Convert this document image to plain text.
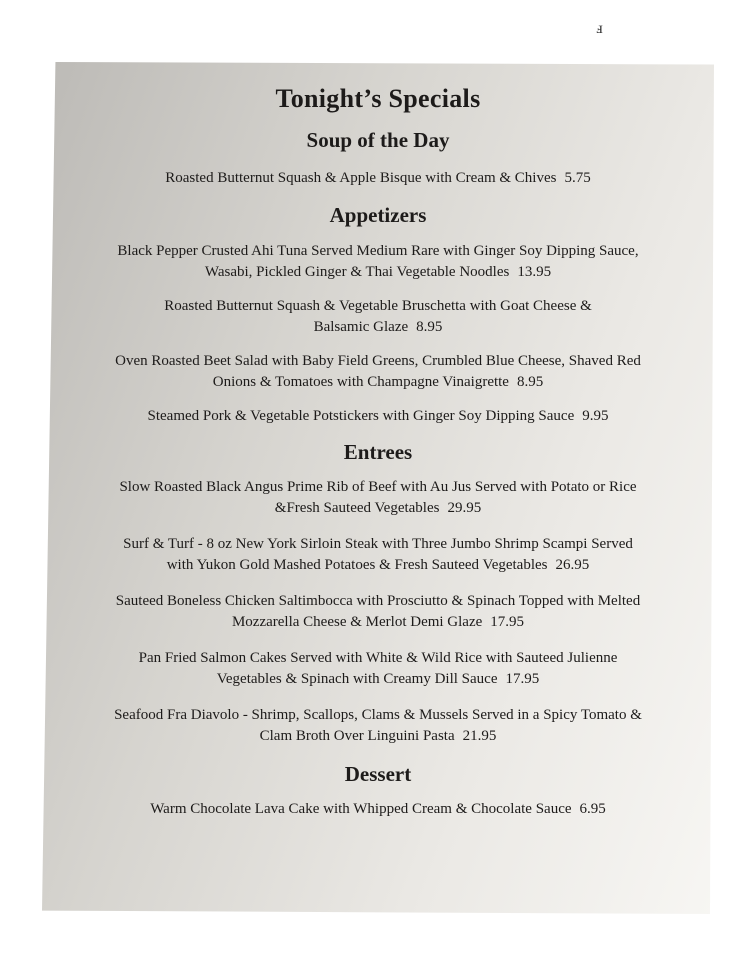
ⅎ
Tonight’s Specials
Soup of the Day

Roasted Butternut Squash & Apple Bisque with Cream & Chives 5.75

Appetizers

Black Pepper Crusted Ahi Tuna Served Medium Rare with Ginger Soy Dipping Sauce,
Wasabi, Pickled Ginger & Thai Vegetable Noodles 13.95

Roasted Butternut Squash & Vegetable Bruschetta with Goat Cheese &
Balsamic Glaze 8.95

Oven Roasted Beet Salad with Baby Field Greens, Crumbled Blue Cheese, Shaved Red
Onions & Tomatoes with Champagne Vinaigrette 8.95

Steamed Pork & Vegetable Potstickers with Ginger Soy Dipping Sauce 9.95

Entrees

Slow Roasted Black Angus Prime Rib of Beef with Au Jus Served with Potato or Rice
&Fresh Sauteed Vegetables 29.95

Surf & Turf - 8 oz New York Sirloin Steak with Three Jumbo Shrimp Scampi Served
with Yukon Gold Mashed Potatoes & Fresh Sauteed Vegetables 26.95

Sauteed Boneless Chicken Saltimbocca with Prosciutto & Spinach Topped with Melted
Mozzarella Cheese & Merlot Demi Glaze 17.95

Pan Fried Salmon Cakes Served with White & Wild Rice with Sauteed Julienne
Vegetables & Spinach with Creamy Dill Sauce 17.95

Seafood Fra Diavolo - Shrimp, Scallops, Clams & Mussels Served in a Spicy Tomato &
Clam Broth Over Linguini Pasta 21.95

Dessert

Warm Chocolate Lava Cake with Whipped Cream & Chocolate Sauce 6.95
